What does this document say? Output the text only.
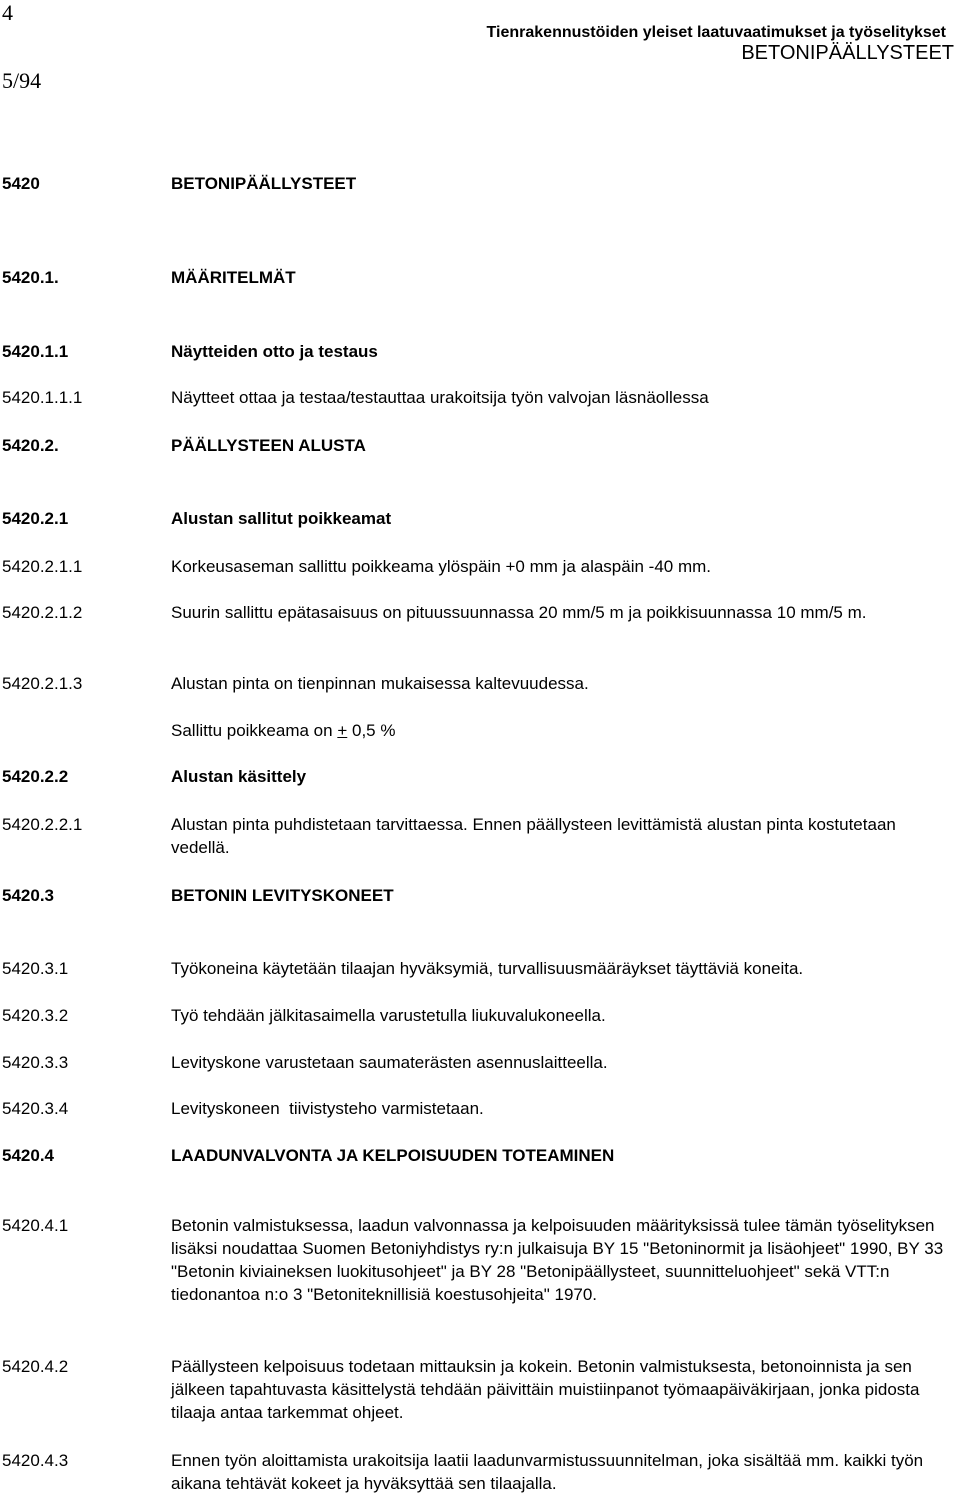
4
5/94
Tienrakennustöiden yleiset laatuvaatimukset ja työselitykset
BETONIPÄÄLLYSTEET
5420	BETONIPÄÄLLYSTEET
5420.1.	MÄÄRITELMÄT
5420.1.1	Näytteiden otto ja testaus
5420.1.1.1	Näytteet ottaa ja testaa/testauttaa urakoitsija työn valvojan läsnäollessa
5420.2.	PÄÄLLYSTEEN ALUSTA
5420.2.1	Alustan sallitut poikkeamat
5420.2.1.1	Korkeusaseman sallittu poikkeama ylöspäin +0 mm ja alaspäin -40 mm.
5420.2.1.2	Suurin sallittu epätasaisuus on pituussuunnassa 20 mm/5 m ja poikkisuunnassa 10 mm/5 m.
5420.2.1.3	Alustan pinta on tienpinnan mukaisessa kaltevuudessa.
Sallittu poikkeama on + 0,5 %
5420.2.2	Alustan käsittely
5420.2.2.1	Alustan pinta puhdistetaan tarvittaessa. Ennen päällysteen levittämistä alustan pinta kostutetaan vedellä.
5420.3	BETONIN LEVITYSKONEET
5420.3.1	Työkoneina käytetään tilaajan hyväksymiä, turvallisuusmääräykset täyttäviä koneita.
5420.3.2	Työ tehdään jälkitasaimella varustetulla liukuvalukoneella.
5420.3.3	Levityskone varustetaan saumaterästen asennuslaitteella.
5420.3.4	Levityskoneen  tiivistysteho varmistetaan.
5420.4	LAADUNVALVONTA JA KELPOISUUDEN TOTEAMINEN
5420.4.1	Betonin valmistuksessa, laadun valvonnassa ja kelpoisuuden määrityksissä tulee tämän työselityksen lisäksi noudattaa Suomen Betoniyhdistys ry:n julkaisuja BY 15 "Betoninormit ja lisäohjeet" 1990, BY 33 "Betonin kiviaineksen luokitusohjeet" ja BY 28 "Betonipäällysteet, suunnitteluohjeet" sekä VTT:n tiedonantoa n:o 3 "Betoniteknillisiä koestusohjeita" 1970.
5420.4.2	Päällysteen kelpoisuus todetaan mittauksin ja kokein. Betonin valmistuksesta, betonoinnista ja sen jälkeen tapahtuvasta käsittelystä tehdään päivittäin muistiinpanot työmaapäiväkirjaan, jonka pidosta tilaaja antaa tarkemmat ohjeet.
5420.4.3	Ennen työn aloittamista urakoitsija laatii laadunvarmistussuunnitelman, joka sisältää mm. kaikki työn aikana tehtävät kokeet ja hyväksyttää sen tilaajalla.
